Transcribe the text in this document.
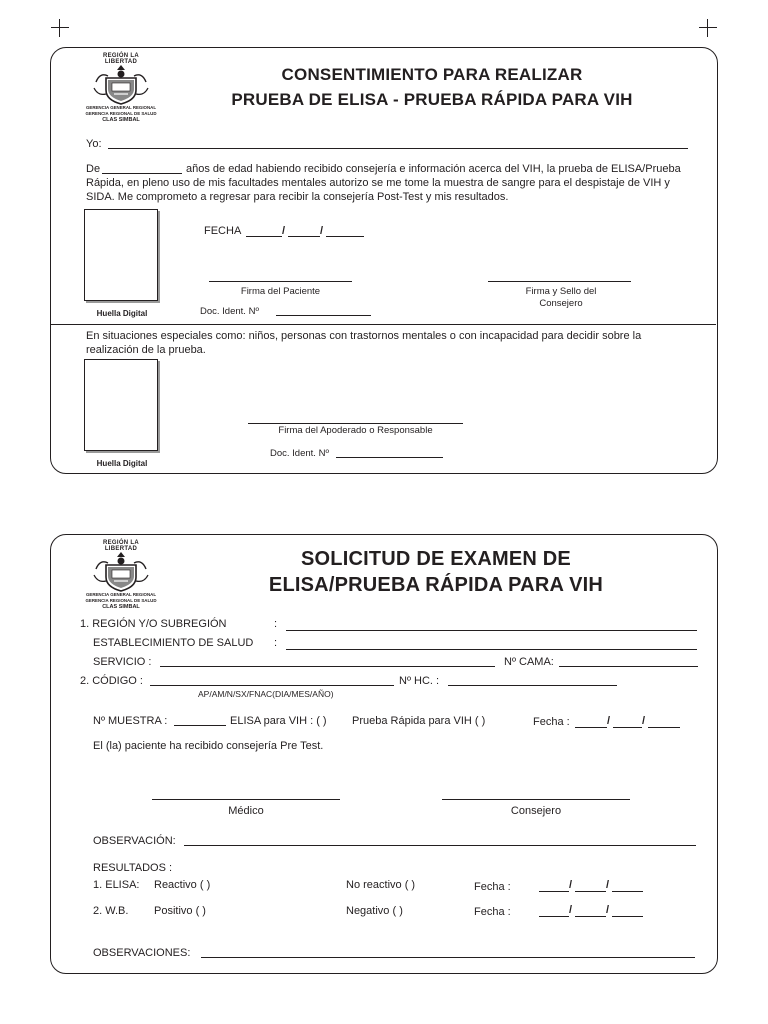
REGIÓN LA LIBERTAD
GERENCIA GENERAL REGIONAL
GERENCIA REGIONAL DE SALUD
CLAS SIMBAL
CONSENTIMIENTO PARA REALIZAR
PRUEBA DE ELISA - PRUEBA RÁPIDA PARA VIH
Yo:
De	años de edad habiendo recibido consejería e información acerca del VIH, la prueba de ELISA/Prueba
Rápida, en pleno uso de mis facultades mentales autorizo se me tome la muestra de sangre para el despistaje de VIH y
SIDA. Me comprometo a regresar para recibir la consejería Post-Test y mis resultados.
Huella Digital
FECHA	/	/
Firma del Paciente
Doc. Ident. Nº
Firma y Sello del
Consejero
En situaciones especiales como: niños, personas con trastornos mentales o con incapacidad para decidir sobre la
realización de la prueba.
Huella Digital
Firma del Apoderado o Responsable
Doc. Ident. Nº
REGIÓN LA LIBERTAD
GERENCIA GENERAL REGIONAL
GERENCIA REGIONAL DE SALUD
CLAS SIMBAL
SOLICITUD DE EXAMEN DE
ELISA/PRUEBA RÁPIDA PARA VIH
1. REGIÓN Y/O SUBREGIÓN	:
ESTABLECIMIENTO DE SALUD :
SERVICIO :	Nº CAMA:
2. CÓDIGO :	Nº HC. :
AP/AM/N/SX/FNAC(DIA/MES/AÑO)
Nº MUESTRA :	ELISA para VIH : ( ) Prueba Rápida para VIH ( )	Fecha :	/	/
El (la) paciente ha recibido consejería Pre Test.
Médico	Consejero
OBSERVACIÓN:
RESULTADOS :
1. ELISA: Reactivo ( )	No reactivo ( )	Fecha :	/	/
2. W.B. Positivo ( )	Negativo ( )	Fecha :	/	/
OBSERVACIONES:
